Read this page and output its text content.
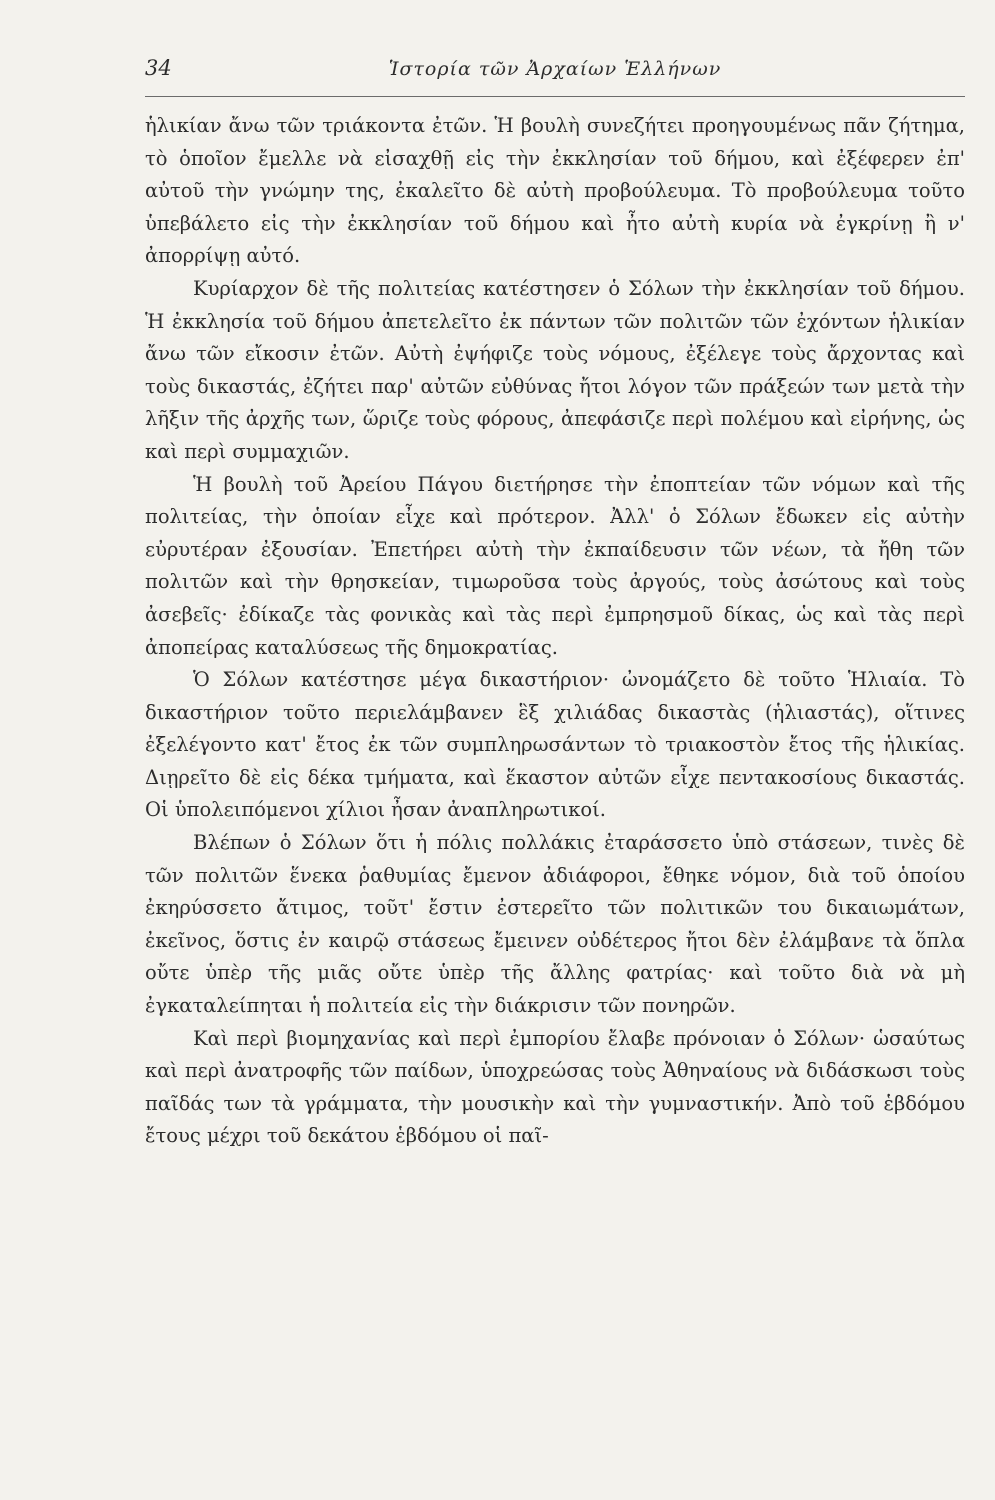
34	Ἱστορία τῶν Ἀρχαίων Ἑλλήνων

ἡλικίαν ἄνω τῶν τριάκοντα ἐτῶν. Ἡ βουλὴ συνεζήτει προηγουμένως πᾶν ζήτημα, τὸ ὁποῖον ἔμελλε νὰ εἰσαχθῇ εἰς τὴν ἐκκλησίαν τοῦ δήμου, καὶ ἐξέφερεν ἐπ' αὐτοῦ τὴν γνώμην της, ἐκαλεῖτο δὲ αὐτὴ προβούλευμα. Τὸ προβούλευμα τοῦτο ὑπεβάλετο εἰς τὴν ἐκκλησίαν τοῦ δήμου καὶ ἦτο αὐτὴ κυρία νὰ ἐγκρίνῃ ἢ ν' ἀπορρίψῃ αὐτό.

Κυρίαρχον δὲ τῆς πολιτείας κατέστησεν ὁ Σόλων τὴν ἐκκλησίαν τοῦ δήμου. Ἡ ἐκκλησία τοῦ δήμου ἀπετελεῖτο ἐκ πάντων τῶν πολιτῶν τῶν ἐχόντων ἡλικίαν ἄνω τῶν εἴκοσιν ἐτῶν. Αὐτὴ ἐψήφιζε τοὺς νόμους, ἐξέλεγε τοὺς ἄρχοντας καὶ τοὺς δικαστάς, ἐζήτει παρ' αὐτῶν εὐθύνας ἤτοι λόγον τῶν πράξεών των μετὰ τὴν λῆξιν τῆς ἀρχῆς των, ὥριζε τοὺς φόρους, ἀπεφάσιζε περὶ πολέμου καὶ εἰρήνης, ὡς καὶ περὶ συμμαχιῶν.

Ἡ βουλὴ τοῦ Ἀρείου Πάγου διετήρησε τὴν ἐποπτείαν τῶν νόμων καὶ τῆς πολιτείας, τὴν ὁποίαν εἶχε καὶ πρότερον. Ἀλλ' ὁ Σόλων ἔδωκεν εἰς αὐτὴν εὐρυτέραν ἐξουσίαν. Ἐπετήρει αὐτὴ τὴν ἐκπαίδευσιν τῶν νέων, τὰ ἤθη τῶν πολιτῶν καὶ τὴν θρησκείαν, τιμωροῦσα τοὺς ἀργούς, τοὺς ἀσώτους καὶ τοὺς ἀσεβεῖς· ἐδίκαζε τὰς φονικὰς καὶ τὰς περὶ ἐμπρησμοῦ δίκας, ὡς καὶ τὰς περὶ ἀποπείρας καταλύσεως τῆς δημοκρατίας.

Ὁ Σόλων κατέστησε μέγα δικαστήριον· ὠνομάζετο δὲ τοῦτο Ἡλιαία. Τὸ δικαστήριον τοῦτο περιελάμβανεν ἓξ χιλιάδας δικαστὰς (ἡλιαστάς), οἵτινες ἐξελέγοντο κατ' ἔτος ἐκ τῶν συμπληρωσάντων τὸ τριακοστὸν ἔτος τῆς ἡλικίας. Διῃρεῖτο δὲ εἰς δέκα τμήματα, καὶ ἕκαστον αὐτῶν εἶχε πεντακοσίους δικαστάς. Οἱ ὑπολειπόμενοι χίλιοι ἦσαν ἀναπληρωτικοί.

Βλέπων ὁ Σόλων ὅτι ἡ πόλις πολλάκις ἐταράσσετο ὑπὸ στάσεων, τινὲς δὲ τῶν πολιτῶν ἕνεκα ῥαθυμίας ἔμενον ἀδιάφοροι, ἔθηκε νόμον, διὰ τοῦ ὁποίου ἐκηρύσσετο ἄτιμος, τοῦτ' ἔστιν ἐστερεῖτο τῶν πολιτικῶν του δικαιωμάτων, ἐκεῖνος, ὅστις ἐν καιρῷ στάσεως ἔμεινεν οὐδέτερος ἤτοι δὲν ἐλάμβανε τὰ ὅπλα οὔτε ὑπὲρ τῆς μιᾶς οὔτε ὑπὲρ τῆς ἄλλης φατρίας· καὶ τοῦτο διὰ νὰ μὴ ἐγκαταλείπηται ἡ πολιτεία εἰς τὴν διάκρισιν τῶν πονηρῶν.

Καὶ περὶ βιομηχανίας καὶ περὶ ἐμπορίου ἔλαβε πρόνοιαν ὁ Σόλων· ὡσαύτως καὶ περὶ ἀνατροφῆς τῶν παίδων, ὑποχρεώσας τοὺς Ἀθηναίους νὰ διδάσκωσι τοὺς παῖδάς των τὰ γράμματα, τὴν μουσικὴν καὶ τὴν γυμναστικήν. Ἀπὸ τοῦ ἑβδόμου ἔτους μέχρι τοῦ δεκάτου ἑβδόμου οἱ παῖ-
